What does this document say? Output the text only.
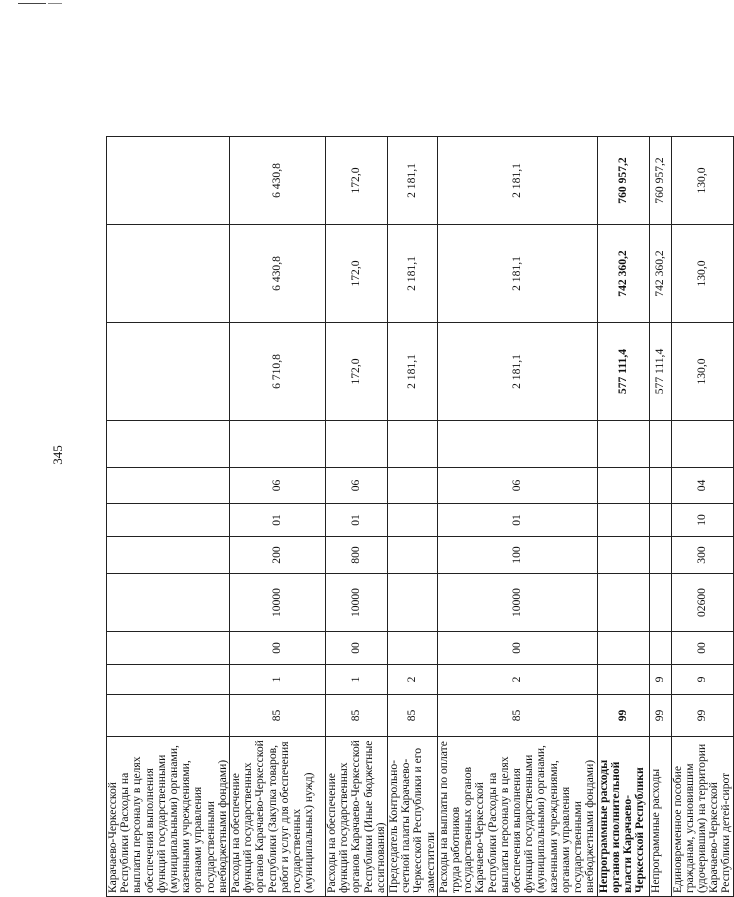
345
Карачаево-Черкесской Республики (Расходы на выплаты персоналу в целях обеспечения выполнения функций государственными (муниципальными) органами, казенными учреждениями, органами управления государственными внебюджетными фондами)											
Расходы на обеспечение функций государственных органов Карачаево-Черкесской Республики (Закупка товаров, работ и услуг для обеспечения государственных (муниципальных) нужд)	85	1	00	10000	200	01	06		6 710,8	6 430,8	6 430,8
Расходы на обеспечение функций государственных органов Карачаево-Черкесской Республики (Иные бюджетные ассигнования)	85	1	00	10000	800	01	06		172,0	172,0	172,0
Председатель Контрольно-счетной палаты Карачаево-Черкесской Республики и его заместители	85	2							2 181,1	2 181,1	2 181,1
Расходы на выплаты по оплате труда работников государственных органов Карачаево-Черкесской Республики (Расходы на выплаты персоналу в целях обеспечения выполнения функций государственными (муниципальными) органами, казенными учреждениями, органами управления государственными внебюджетными фондами)	85	2	00	10000	100	01	06		2 181,1	2 181,1	2 181,1
Непрограммные расходы органов исполнительной власти Карачаево-Черкесской Республики	99								577 111,4	742 360,2	760 957,2
Непрограммные расходы	99	9							577 111,4	742 360,2	760 957,2
Единовременное пособие гражданам, усыновившим (удочерившим) на территории Карачаево-Черкесской Республики детей-сирот	99	9	00	02600	300	10	04		130,0	130,0	130,0
